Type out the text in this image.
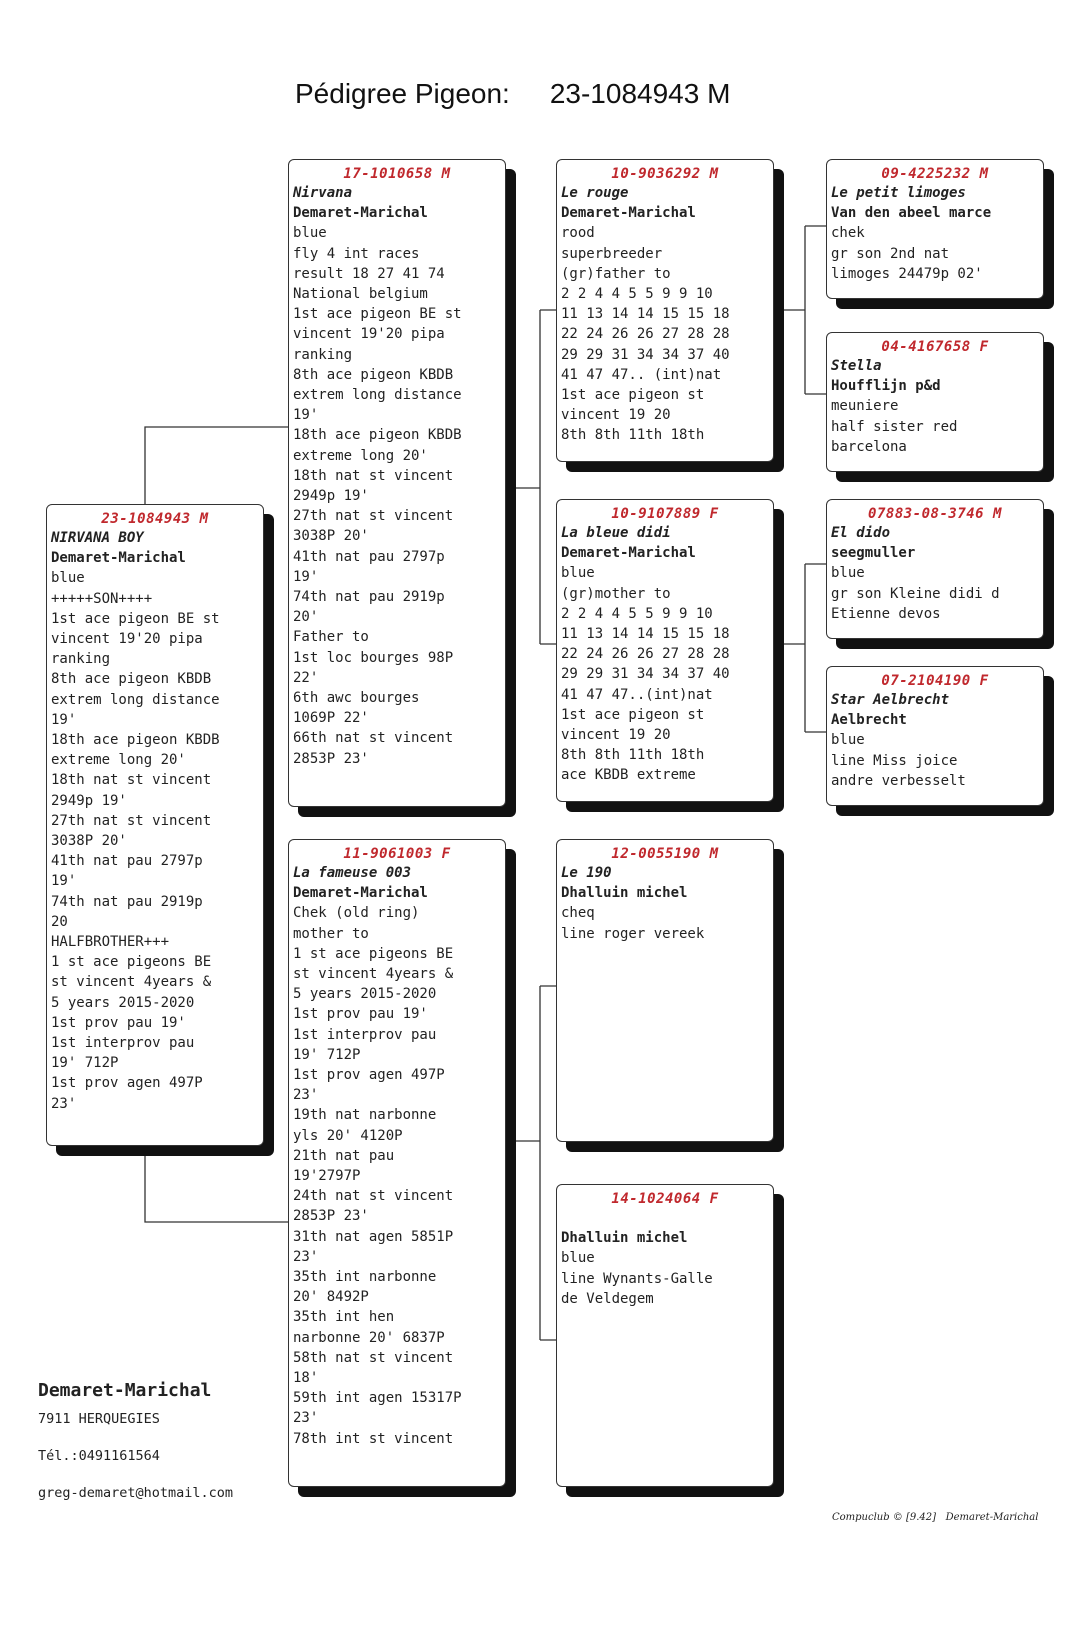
Pédigree Pigeon: 23-1084943 M
23-1084943 M
NIRVANA BOY
Demaret-Marichal
blue
+++++SON++++
1st ace pigeon BE st
vincent 19'20 pipa
ranking
8th ace pigeon KBDB
extrem long distance
19'
18th ace pigeon KBDB
extreme long 20'
18th nat st vincent
2949p 19'
27th nat st vincent
3038P 20'
41th nat pau 2797p
19'
74th nat pau 2919p
20
HALFBROTHER+++
1 st ace pigeons BE
st vincent 4years &
5 years 2015-2020
1st prov pau 19'
1st interprov pau
19' 712P
1st prov agen 497P
23'
17-1010658 M
Nirvana
Demaret-Marichal
blue
fly 4 int races
result 18 27 41 74
National belgium
1st ace pigeon BE st
vincent 19'20 pipa
ranking
8th ace pigeon KBDB
extrem long distance
19'
18th ace pigeon KBDB
extreme long 20'
18th nat st vincent
2949p 19'
27th nat st vincent
3038P 20'
41th nat pau 2797p
19'
74th nat pau 2919p
20'
Father to
1st loc bourges 98P
22'
6th awc bourges
1069P 22'
66th nat st vincent
2853P 23'
11-9061003 F
La fameuse 003
Demaret-Marichal
Chek (old ring)
mother to
1 st ace pigeons BE
st vincent 4years &
5 years 2015-2020
1st prov pau 19'
1st interprov pau
19' 712P
1st prov agen 497P
23'
19th nat narbonne
yls 20' 4120P
21th nat pau
19'2797P
24th nat st vincent
2853P 23'
31th nat agen 5851P
23'
35th int narbonne
20' 8492P
35th int hen
narbonne 20' 6837P
58th nat st vincent
18'
59th int agen 15317P
23'
78th int st vincent
10-9036292 M
Le rouge
Demaret-Marichal
rood
superbreeder
(gr)father to
2 2 4 4 5 5 9 9 10
11 13 14 14 15 15 18
22 24 26 26 27 28 28
29 29 31 34 34 37 40
41 47 47.. (int)nat
1st ace pigeon st
vincent 19 20
8th 8th 11th 18th
10-9107889 F
La bleue didi
Demaret-Marichal
blue
(gr)mother to
2 2 4 4 5 5 9 9 10
11 13 14 14 15 15 18
22 24 26 26 27 28 28
29 29 31 34 34 37 40
41 47 47..(int)nat
1st ace pigeon st
vincent 19 20
8th 8th 11th 18th
ace KBDB extreme
12-0055190 M
Le 190
Dhalluin michel
cheq
line roger vereek
14-1024064 F

Dhalluin michel
blue
line Wynants-Galle
de Veldegem
09-4225232 M
Le petit limoges
Van den abeel marce
chek
gr son 2nd nat
limoges 24479p 02'
04-4167658 F
Stella
Houfflijn p&d
meuniere
half sister red
barcelona
07883-08-3746 M
El dido
seegmuller
blue
gr son Kleine didi d
Etienne devos
07-2104190 F
Star Aelbrecht
Aelbrecht
blue
line Miss joice
andre verbesselt
Demaret-Marichal
7911 HERQUEGIES
Tél.:0491161564
greg-demaret@hotmail.com
Compuclub © [9.42]   Demaret-Marichal
